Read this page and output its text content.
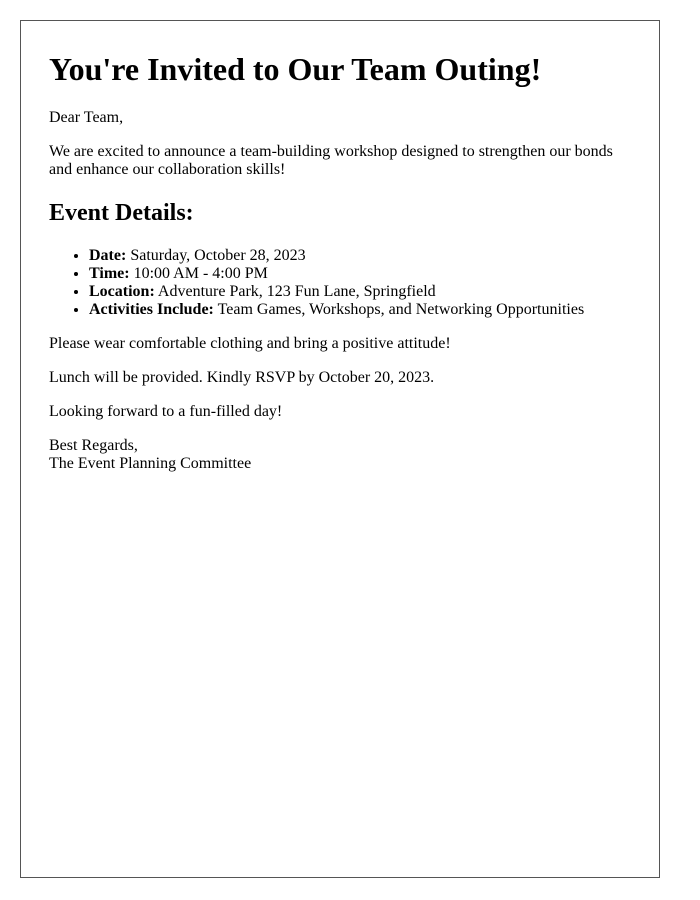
You're Invited to Our Team Outing!

Dear Team,

We are excited to announce a team-building workshop designed to strengthen our bonds and enhance our collaboration skills!

Event Details:
• Date: Saturday, October 28, 2023
• Time: 10:00 AM - 4:00 PM
• Location: Adventure Park, 123 Fun Lane, Springfield
• Activities Include: Team Games, Workshops, and Networking Opportunities

Please wear comfortable clothing and bring a positive attitude!

Lunch will be provided. Kindly RSVP by October 20, 2023.

Looking forward to a fun-filled day!

Best Regards,
The Event Planning Committee
